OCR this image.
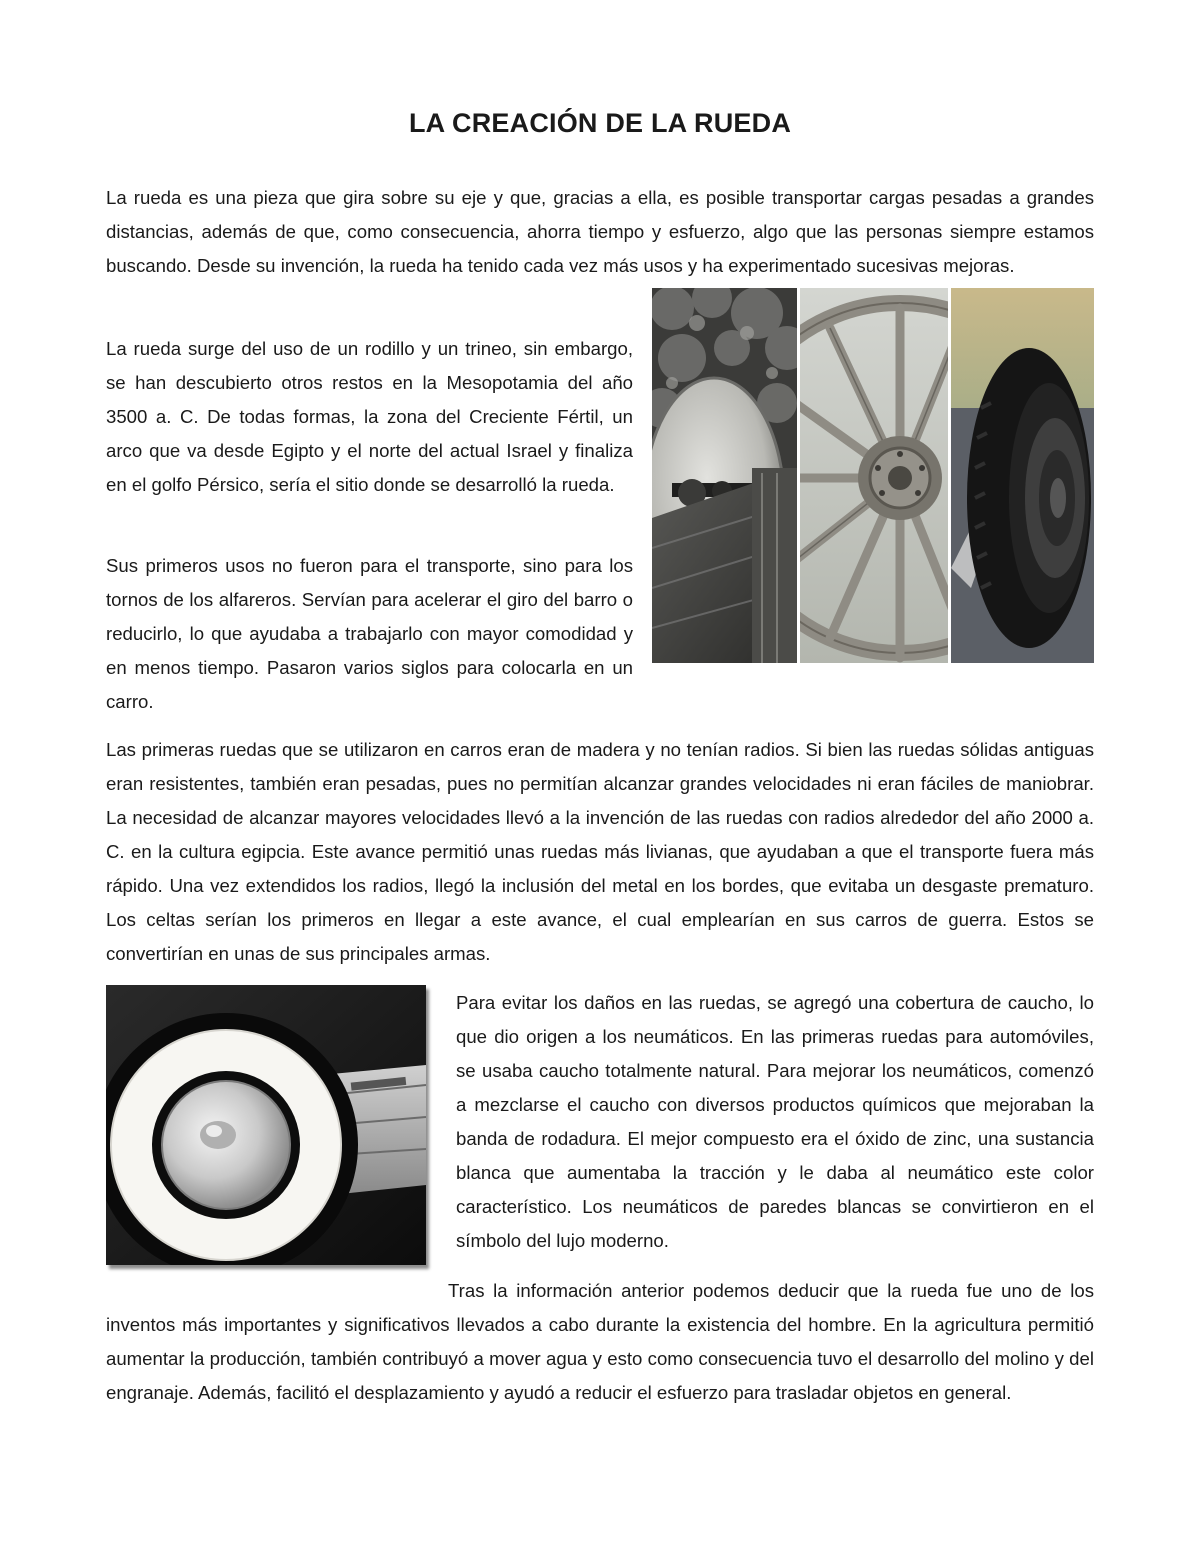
LA CREACIÓN DE LA RUEDA

La rueda es una pieza que gira sobre su eje y que, gracias a ella, es posible transportar cargas pesadas a grandes distancias, además de que, como consecuencia, ahorra tiempo y esfuerzo, algo que las personas siempre estamos buscando. Desde su invención, la rueda ha tenido cada vez más usos y ha experimentado sucesivas mejoras.

La rueda surge del uso de un rodillo y un trineo, sin embargo, se han descubierto otros restos en la Mesopotamia del año 3500 a. C. De todas formas, la zona del Creciente Fértil, un arco que va desde Egipto y el norte del actual Israel y finaliza en el golfo Pérsico, sería el sitio donde se desarrolló la rueda.

Sus primeros usos no fueron para el transporte, sino para los tornos de los alfareros. Servían para acelerar el giro del barro o reducirlo, lo que ayudaba a trabajarlo con mayor comodidad y en menos tiempo. Pasaron varios siglos para colocarla en un carro.

Las primeras ruedas que se utilizaron en carros eran de madera y no tenían radios. Si bien las ruedas sólidas antiguas eran resistentes, también eran pesadas, pues no permitían alcanzar grandes velocidades ni eran fáciles de maniobrar. La necesidad de alcanzar mayores velocidades llevó a la invención de las ruedas con radios alrededor del año 2000 a. C. en la cultura egipcia. Este avance permitió unas ruedas más livianas, que ayudaban a que el transporte fuera más rápido. Una vez extendidos los radios, llegó la inclusión del metal en los bordes, que evitaba un desgaste prematuro. Los celtas serían los primeros en llegar a este avance, el cual emplearían en sus carros de guerra. Estos se convertirían en unas de sus principales armas.

Para evitar los daños en las ruedas, se agregó una cobertura de caucho, lo que dio origen a los neumáticos. En las primeras ruedas para automóviles, se usaba caucho totalmente natural. Para mejorar los neumáticos, comenzó a mezclarse el caucho con diversos productos químicos que mejoraban la banda de rodadura. El mejor compuesto era el óxido de zinc, una sustancia blanca que aumentaba la tracción y le daba al neumático este color característico. Los neumáticos de paredes blancas se convirtieron en el símbolo del lujo moderno.

Tras la información anterior podemos deducir que la rueda fue uno de los inventos más importantes y significativos llevados a cabo durante la existencia del hombre. En la agricultura permitió aumentar la producción, también contribuyó a mover agua y esto como consecuencia tuvo el desarrollo del molino y del engranaje. Además, facilitó el desplazamiento y ayudó a reducir el esfuerzo para trasladar objetos en general.
